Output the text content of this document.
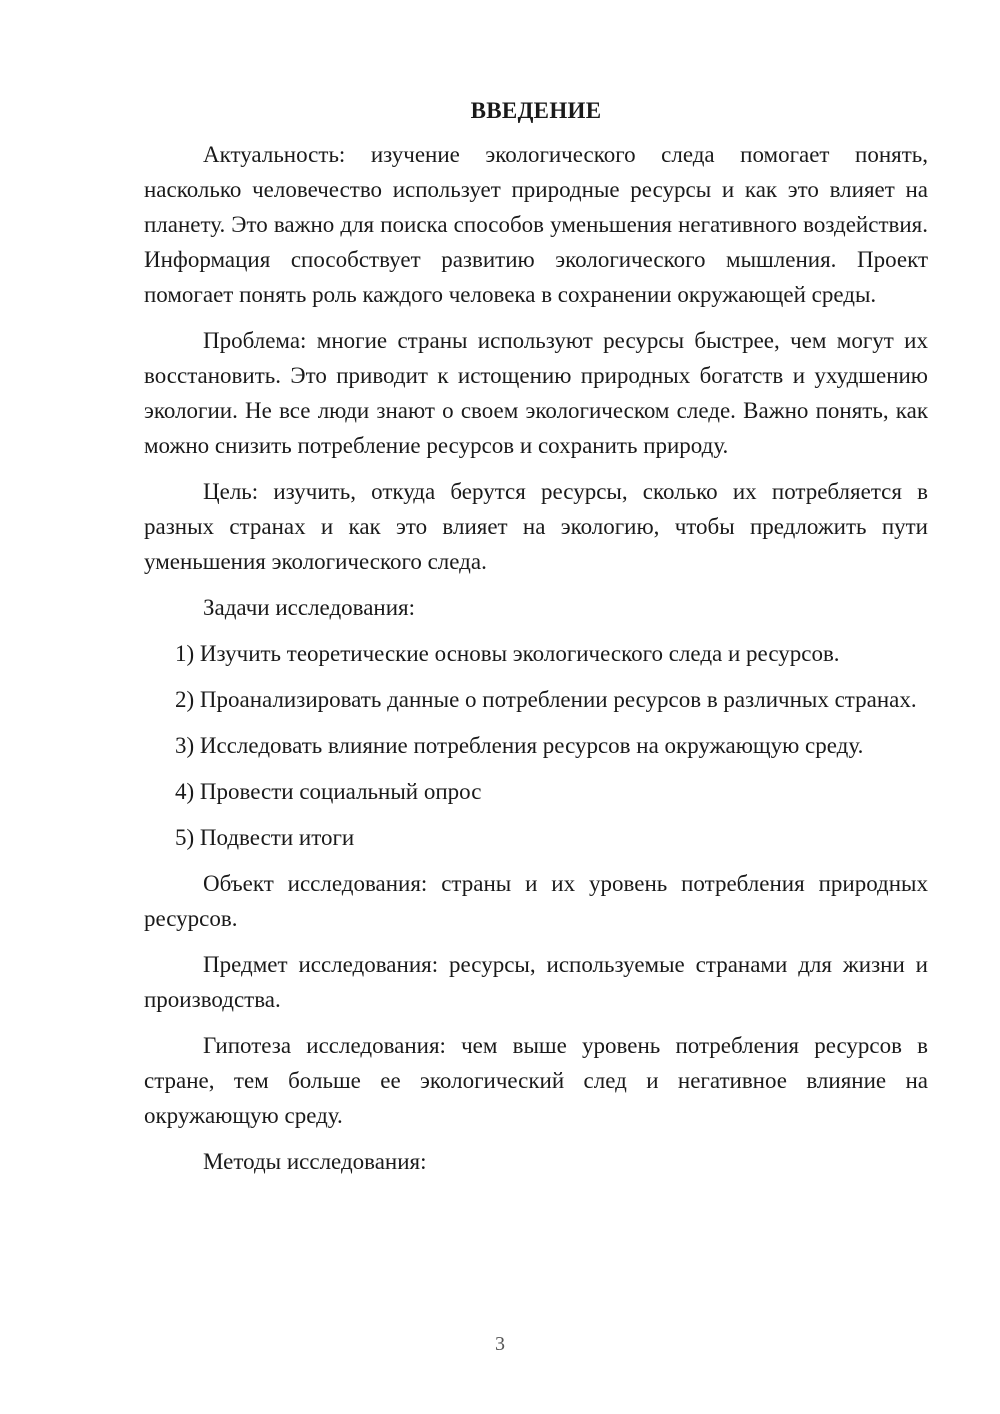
ВВЕДЕНИЕ

Актуальность: изучение экологического следа помогает понять, насколько человечество использует природные ресурсы и как это влияет на планету. Это важно для поиска способов уменьшения негативного воздействия. Информация способствует развитию экологического мышления. Проект помогает понять роль каждого человека в сохранении окружающей среды.

Проблема: многие страны используют ресурсы быстрее, чем могут их восстановить. Это приводит к истощению природных богатств и ухудшению экологии. Не все люди знают о своем экологическом следе. Важно понять, как можно снизить потребление ресурсов и сохранить природу.

Цель: изучить, откуда берутся ресурсы, сколько их потребляется в разных странах и как это влияет на экологию, чтобы предложить пути уменьшения экологического следа.

Задачи исследования:

1) Изучить теоретические основы экологического следа и ресурсов.

2) Проанализировать данные о потреблении ресурсов в различных странах.

3) Исследовать влияние потребления ресурсов на окружающую среду.

4) Провести социальный опрос

5) Подвести итоги

Объект исследования: страны и их уровень потребления природных ресурсов.

Предмет исследования: ресурсы, используемые странами для жизни и производства.

Гипотеза исследования: чем выше уровень потребления ресурсов в стране, тем больше ее экологический след и негативное влияние на окружающую среду.

Методы исследования:

3
